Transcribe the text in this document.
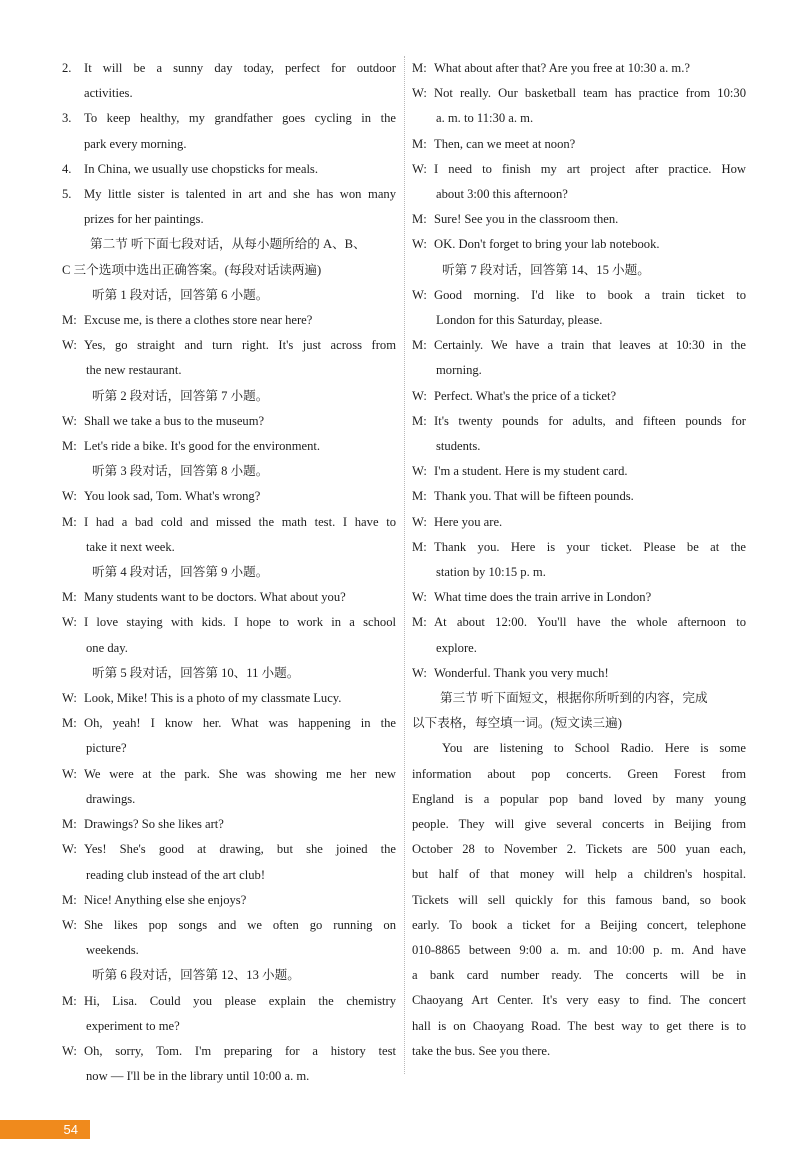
2. It will be a sunny day today, perfect for outdoor
activities.
3. To keep healthy, my grandfather goes cycling in the
park every morning.
4. In China, we usually use chopsticks for meals.
5. My little sister is talented in art and she has won many
prizes for her paintings.
第二节 听下面七段对话，从每小题所给的 A、B、
C 三个选项中选出正确答案。(每段对话读两遍)
听第 1 段对话，回答第 6 小题。
M: Excuse me, is there a clothes store near here?
W: Yes, go straight and turn right. It's just across from
the new restaurant.
听第 2 段对话，回答第 7 小题。
W: Shall we take a bus to the museum?
M: Let's ride a bike. It's good for the environment.
听第 3 段对话，回答第 8 小题。
W: You look sad, Tom. What's wrong?
M: I had a bad cold and missed the math test. I have to
take it next week.
听第 4 段对话，回答第 9 小题。
M: Many students want to be doctors. What about you?
W: I love staying with kids. I hope to work in a school
one day.
听第 5 段对话，回答第 10、11 小题。
W: Look, Mike! This is a photo of my classmate Lucy.
M: Oh, yeah! I know her. What was happening in the
picture?
W: We were at the park. She was showing me her new
drawings.
M: Drawings? So she likes art?
W: Yes! She's good at drawing, but she joined the
reading club instead of the art club!
M: Nice! Anything else she enjoys?
W: She likes pop songs and we often go running on
weekends.
听第 6 段对话，回答第 12、13 小题。
M: Hi, Lisa. Could you please explain the chemistry
experiment to me?
W: Oh, sorry, Tom. I'm preparing for a history test
now — I'll be in the library until 10:00 a. m.
M: What about after that? Are you free at 10:30 a. m.?
W: Not really. Our basketball team has practice from 10:30
a. m. to 11:30 a. m.
M: Then, can we meet at noon?
W: I need to finish my art project after practice. How
about 3:00 this afternoon?
M: Sure! See you in the classroom then.
W: OK. Don't forget to bring your lab notebook.
听第 7 段对话，回答第 14、15 小题。
W: Good morning. I'd like to book a train ticket to
London for this Saturday, please.
M: Certainly. We have a train that leaves at 10:30 in the
morning.
W: Perfect. What's the price of a ticket?
M: It's twenty pounds for adults, and fifteen pounds for
students.
W: I'm a student. Here is my student card.
M: Thank you. That will be fifteen pounds.
W: Here you are.
M: Thank you. Here is your ticket. Please be at the
station by 10:15 p. m.
W: What time does the train arrive in London?
M: At about 12:00. You'll have the whole afternoon to
explore.
W: Wonderful. Thank you very much!
第三节 听下面短文，根据你所听到的内容，完成
以下表格，每空填一词。(短文读三遍)
You are listening to School Radio. Here is some
information about pop concerts. Green Forest from
England is a popular pop band loved by many young
people. They will give several concerts in Beijing from
October 28 to November 2. Tickets are 500 yuan each,
but half of that money will help a children's hospital.
Tickets will sell quickly for this famous band, so book
early. To book a ticket for a Beijing concert, telephone
010-8865 between 9:00 a. m. and 10:00 p. m. And have
a bank card number ready. The concerts will be in
Chaoyang Art Center. It's very easy to find. The concert
hall is on Chaoyang Road. The best way to get there is to
take the bus. See you there.
54
